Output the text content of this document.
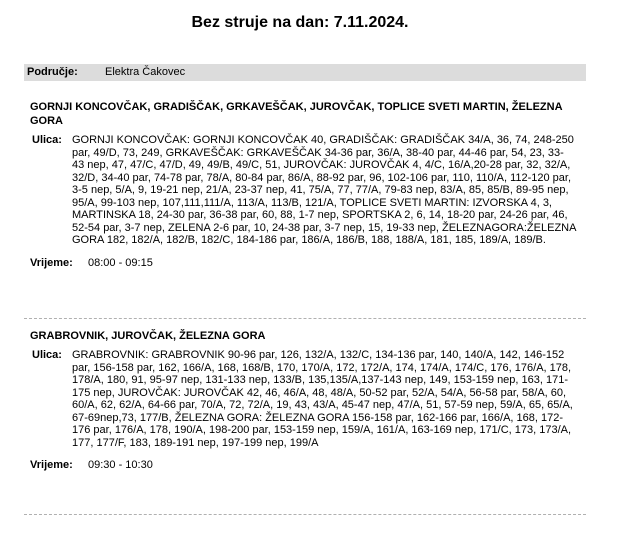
Bez struje na dan: 7.11.2024.
Područje: Elektra Čakovec
GORNJI KONCOVČAK, GRADIŠČAK, GRKAVEŠČAK, JUROVČAK, TOPLICE SVETI MARTIN, ŽELEZNA GORA
Ulica: GORNJI KONCOVČAK: GORNJI KONCOVČAK 40, GRADIŠČAK: GRADIŠČAK 34/A, 36, 74, 248-250 par, 49/D, 73, 249, GRKAVEŠČAK: GRKAVEŠČAK 34-36 par, 36/A, 38-40 par, 44-46 par, 54, 23, 33-43 nep, 47, 47/C, 47/D, 49, 49/B, 49/C, 51, JUROVČAK: JUROVČAK 4, 4/C, 16/A,20-28 par, 32, 32/A, 32/D, 34-40 par, 74-78 par, 78/A, 80-84 par, 86/A, 88-92 par, 96, 102-106 par, 110, 110/A, 112-120 par, 3-5 nep, 5/A, 9, 19-21 nep, 21/A, 23-37 nep, 41, 75/A, 77, 77/A, 79-83 nep, 83/A, 85, 85/B, 89-95 nep, 95/A, 99-103 nep, 107,111,111/A, 113/A, 113/B, 121/A, TOPLICE SVETI MARTIN: IZVORSKA 4, 3, MARTINSKA 18, 24-30 par, 36-38 par, 60, 88, 1-7 nep, SPORTSKA 2, 6, 14, 18-20 par, 24-26 par, 46, 52-54 par, 3-7 nep, ZELENA 2-6 par, 10, 24-38 par, 3-7 nep, 15, 19-33 nep, ŽELEZNAGORA:ŽELEZNA GORA 182, 182/A, 182/B, 182/C, 184-186 par, 186/A, 186/B, 188, 188/A, 181, 185, 189/A, 189/B.
Vrijeme:	08:00 - 09:15
GRABROVNIK, JUROVČAK, ŽELEZNA GORA
Ulica: GRABROVNIK: GRABROVNIK 90-96 par, 126, 132/A, 132/C, 134-136 par, 140, 140/A, 142, 146-152 par, 156-158 par, 162, 166/A, 168, 168/B, 170, 170/A, 172, 172/A, 174, 174/A, 174/C, 176, 176/A, 178, 178/A, 180, 91, 95-97 nep, 131-133 nep, 133/B, 135,135/A,137-143 nep, 149, 153-159 nep, 163, 171-175 nep, JUROVČAK: JUROVČAK 42, 46, 46/A, 48, 48/A, 50-52 par, 52/A, 54/A, 56-58 par, 58/A, 60, 60/A, 62, 62/A, 64-66 par, 70/A, 72, 72/A, 19, 43, 43/A, 45-47 nep, 47/A, 51, 57-59 nep, 59/A, 65, 65/A, 67-69nep,73, 177/B, ŽELEZNA GORA: ŽELEZNA GORA 156-158 par, 162-166 par, 166/A, 168, 172-176 par, 176/A, 178, 190/A, 198-200 par, 153-159 nep, 159/A, 161/A, 163-169 nep, 171/C, 173, 173/A, 177, 177/F, 183, 189-191 nep, 197-199 nep, 199/A
Vrijeme:	09:30 - 10:30
